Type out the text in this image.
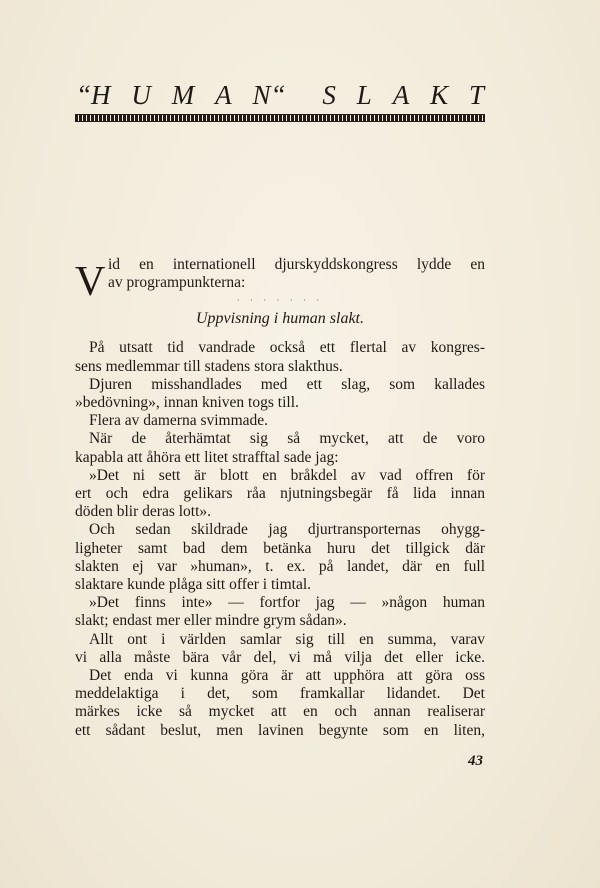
“H U M A N“ S L A K T
V id en internationell djurskyddskongress lydde en
av programpunkterna:
· · · · · · ·
Uppvisning i human slakt.
På utsatt tid vandrade också ett flertal av kongres-
sens medlemmar till stadens stora slakthus.
Djuren misshandlades med ett slag, som kallades
»bedövning», innan kniven togs till.
Flera av damerna svimmade.
När de återhämtat sig så mycket, att de voro
kapabla att åhöra ett litet strafftal sade jag:
»Det ni sett är blott en bråkdel av vad offren för
ert och edra gelikars råa njutningsbegär få lida innan
döden blir deras lott».
Och sedan skildrade jag djurtransporternas ohygg-
ligheter samt bad dem betänka huru det tillgick där
slakten ej var »human», t. ex. på landet, där en full
slaktare kunde plåga sitt offer i timtal.
»Det finns inte» — fortfor jag — »någon human
slakt; endast mer eller mindre grym sådan».
Allt ont i världen samlar sig till en summa, varav
vi alla måste bära vår del, vi må vilja det eller icke.
Det enda vi kunna göra är att upphöra att göra oss
meddelaktiga i det, som framkallar lidandet. Det
märkes icke så mycket att en och annan realiserar
ett sådant beslut, men lavinen begynte som en liten,
43
